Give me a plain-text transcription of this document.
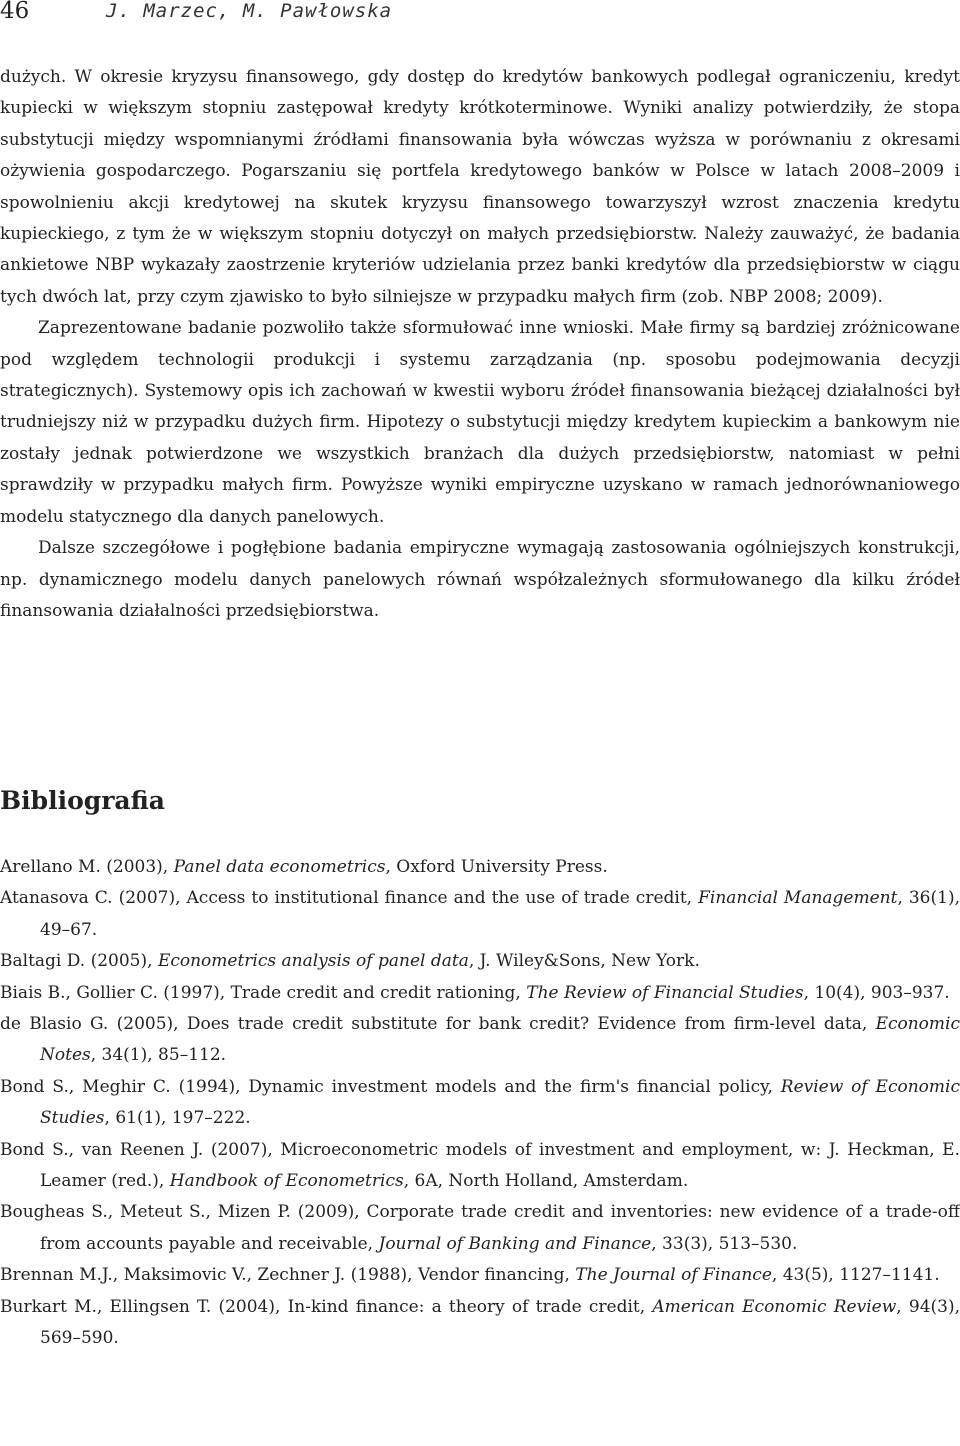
46	J. Marzec, M. Pawłowska

dużych. W okresie kryzysu finansowego, gdy dostęp do kredytów bankowych podlegał ograniczeniu, kredyt kupiecki w większym stopniu zastępował kredyty krótkoterminowe. Wyniki analizy potwierdziły, że stopa substytucji między wspomnianymi źródłami finansowania była wówczas wyższa w porównaniu z okresami ożywienia gospodarczego. Pogarszaniu się portfela kredytowego banków w Polsce w latach 2008–2009 i spowolnieniu akcji kredytowej na skutek kryzysu finansowego towarzyszył wzrost znaczenia kredytu kupieckiego, z tym że w większym stopniu dotyczył on małych przedsiębiorstw. Należy zauważyć, że badania ankietowe NBP wykazały zaostrzenie kryteriów udzielania przez banki kredytów dla przedsiębiorstw w ciągu tych dwóch lat, przy czym zjawisko to było silniejsze w przypadku małych firm (zob. NBP 2008; 2009).

Zaprezentowane badanie pozwoliło także sformułować inne wnioski. Małe firmy są bardziej zróżnicowane pod względem technologii produkcji i systemu zarządzania (np. sposobu podejmowania decyzji strategicznych). Systemowy opis ich zachowań w kwestii wyboru źródeł finansowania bieżącej działalności był trudniejszy niż w przypadku dużych firm. Hipotezy o substytucji między kredytem kupieckim a bankowym nie zostały jednak potwierdzone we wszystkich branżach dla dużych przedsiębiorstw, natomiast w pełni sprawdziły w przypadku małych firm. Powyższe wyniki empiryczne uzyskano w ramach jednorównaniowego modelu statycznego dla danych panelowych.

Dalsze szczegółowe i pogłębione badania empiryczne wymagają zastosowania ogólniejszych konstrukcji, np. dynamicznego modelu danych panelowych równań współzależnych sformułowanego dla kilku źródeł finansowania działalności przedsiębiorstwa.

Bibliografia

Arellano M. (2003), Panel data econometrics, Oxford University Press.

Atanasova C. (2007), Access to institutional finance and the use of trade credit, Financial Management, 36(1), 49–67.

Baltagi D. (2005), Econometrics analysis of panel data, J. Wiley&Sons, New York.

Biais B., Gollier C. (1997), Trade credit and credit rationing, The Review of Financial Studies, 10(4), 903–937.

de Blasio G. (2005), Does trade credit substitute for bank credit? Evidence from firm-level data, Economic Notes, 34(1), 85–112.

Bond S., Meghir C. (1994), Dynamic investment models and the firm's financial policy, Review of Economic Studies, 61(1), 197–222.

Bond S., van Reenen J. (2007), Microeconometric models of investment and employment, w: J. Heckman, E. Leamer (red.), Handbook of Econometrics, 6A, North Holland, Amsterdam.

Bougheas S., Meteut S., Mizen P. (2009), Corporate trade credit and inventories: new evidence of a trade-off from accounts payable and receivable, Journal of Banking and Finance, 33(3), 513–530.

Brennan M.J., Maksimovic V., Zechner J. (1988), Vendor financing, The Journal of Finance, 43(5), 1127–1141.

Burkart M., Ellingsen T. (2004), In-kind finance: a theory of trade credit, American Economic Review, 94(3), 569–590.
